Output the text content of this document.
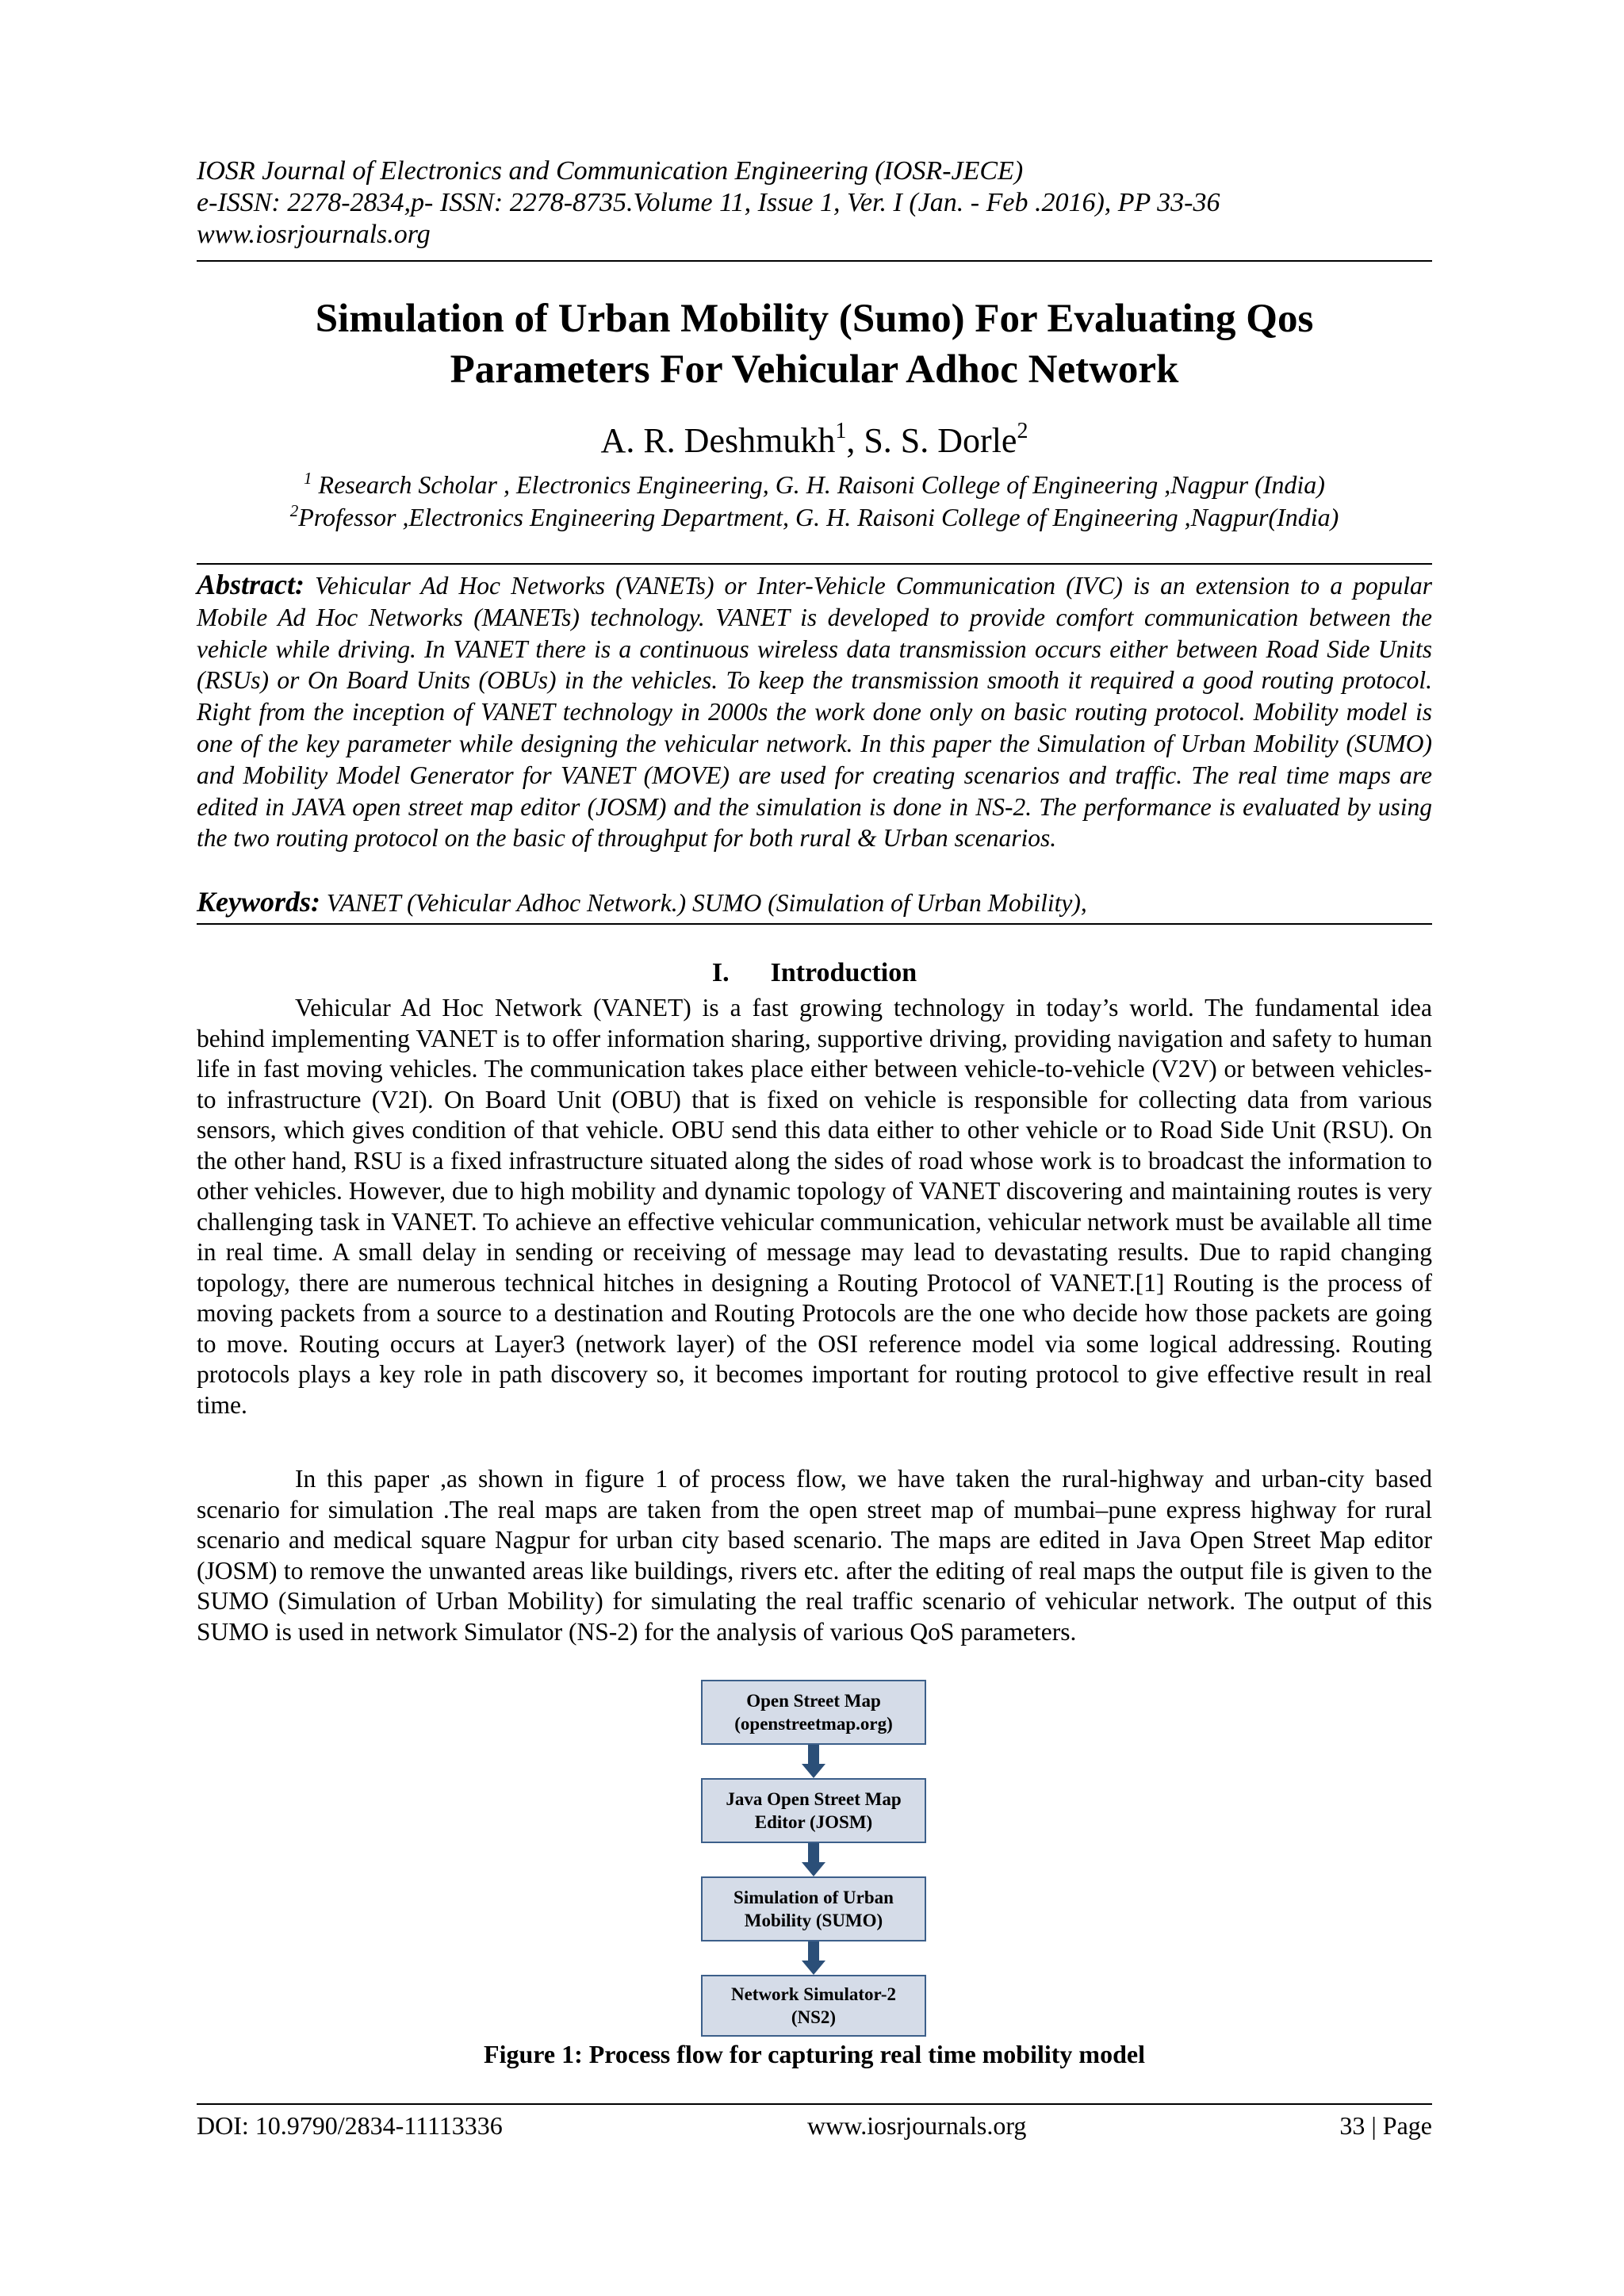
IOSR Journal of Electronics and Communication Engineering (IOSR-JECE)
e-ISSN: 2278-2834,p- ISSN: 2278-8735.Volume 11, Issue 1, Ver. I (Jan. - Feb .2016), PP 33-36
www.iosrjournals.org
Simulation of Urban Mobility (Sumo) For Evaluating Qos
Parameters For Vehicular Adhoc Network
A. R. Deshmukh$^1$, S. S. Dorle$^2$
$^1$ Research Scholar , Electronics Engineering, G. H. Raisoni College of Engineering ,Nagpur (India)
$^2$Professor ,Electronics Engineering Department, G. H. Raisoni College of Engineering ,Nagpur(India)
Abstract: Vehicular Ad Hoc Networks (VANETs) or Inter-Vehicle Communication (IVC) is an extension to a popular Mobile Ad Hoc Networks (MANETs) technology. VANET is developed to provide comfort communication between the vehicle while driving. In VANET there is a continuous wireless data transmission occurs either between Road Side Units (RSUs) or On Board Units (OBUs) in the vehicles. To keep the transmission smooth it required a good routing protocol. Right from the inception of VANET technology in 2000s the work done only on basic routing protocol. Mobility model is one of the key parameter while designing the vehicular network. In this paper the Simulation of Urban Mobility (SUMO) and Mobility Model Generator for VANET (MOVE) are used for creating scenarios and traffic. The real time maps are edited in JAVA open street map editor (JOSM) and the simulation is done in NS-2. The performance is evaluated by using the two routing protocol on the basic of throughput for both rural & Urban scenarios.
Keywords: VANET (Vehicular Adhoc Network.) SUMO (Simulation of Urban Mobility),
I. Introduction

Vehicular Ad Hoc Network (VANET) is a fast growing technology in today’s world. The fundamental idea behind implementing VANET is to offer information sharing, supportive driving, providing navigation and safety to human life in fast moving vehicles. The communication takes place either between vehicle-to-vehicle (V2V) or between vehicles-to infrastructure (V2I). On Board Unit (OBU) that is fixed on vehicle is responsible for collecting data from various sensors, which gives condition of that vehicle. OBU send this data either to other vehicle or to Road Side Unit (RSU). On the other hand, RSU is a fixed infrastructure situated along the sides of road whose work is to broadcast the information to other vehicles. However, due to high mobility and dynamic topology of VANET discovering and maintaining routes is very challenging task in VANET. To achieve an effective vehicular communication, vehicular network must be available all time in real time. A small delay in sending or receiving of message may lead to devastating results. Due to rapid changing topology, there are numerous technical hitches in designing a Routing Protocol of VANET.[1] Routing is the process of moving packets from a source to a destination and Routing Protocols are the one who decide how those packets are going to move. Routing occurs at Layer3 (network layer) of the OSI reference model via some logical addressing. Routing protocols plays a key role in path discovery so, it becomes important for routing protocol to give effective result in real time.

In this paper ,as shown in figure 1 of process flow, we have taken the rural-highway and urban-city based scenario for simulation .The real maps are taken from the open street map of mumbai–pune express highway for rural scenario and medical square Nagpur for urban city based scenario. The maps are edited in Java Open Street Map editor (JOSM) to remove the unwanted areas like buildings, rivers etc. after the editing of real maps the output file is given to the SUMO (Simulation of Urban Mobility) for simulating the real traffic scenario of vehicular network. The output of this SUMO is used in network Simulator (NS-2) for the analysis of various QoS parameters.

Open Street Map (openstreetmap.org)
Java Open Street Map Editor (JOSM)
Simulation of Urban Mobility (SUMO)
Network Simulator-2 (NS2)
Figure 1: Process flow for capturing real time mobility model
DOI: 10.9790/2834-11113336	www.iosrjournals.org	33 | Page
